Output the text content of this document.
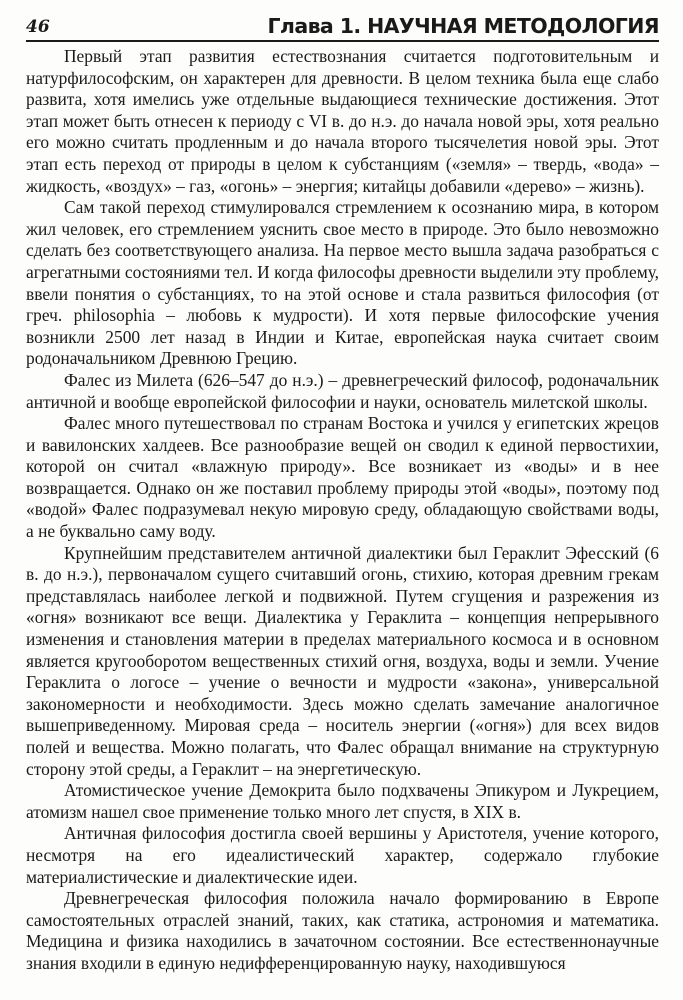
46	Глава 1. НАУЧНАЯ МЕТОДОЛОГИЯ

Первый этап развития естествознания считается подготовительным и натурфилософским, он характерен для древности. В целом техника была еще слабо развита, хотя имелись уже отдельные выдающиеся технические достижения. Этот этап может быть отнесен к периоду с VI в. до н.э. до начала новой эры, хотя реально его можно считать продленным и до начала второго тысячелетия новой эры. Этот этап есть переход от природы в целом к субстанциям («земля» – твердь, «вода» – жидкость, «воздух» – газ, «огонь» – энергия; китайцы добавили «дерево» – жизнь).

Сам такой переход стимулировался стремлением к осознанию мира, в котором жил человек, его стремлением уяснить свое место в природе. Это было невозможно сделать без соответствующего анализа. На первое место вышла задача разобраться с агрегатными состояниями тел. И когда философы древности выделили эту проблему, ввели понятия о субстанциях, то на этой основе и стала развиться философия (от греч. philosophia – любовь к мудрости). И хотя первые философские учения возникли 2500 лет назад в Индии и Китае, европейская наука считает своим родоначальником Древнюю Грецию.

Фалес из Милета (626–547 до н.э.) – древнегреческий философ, родоначальник античной и вообще европейской философии и науки, основатель милетской школы.

Фалес много путешествовал по странам Востока и учился у египетских жрецов и вавилонских халдеев. Все разнообразие вещей он сводил к единой первостихии, которой он считал «влажную природу». Все возникает из «воды» и в нее возвращается. Однако он же поставил проблему природы этой «воды», поэтому под «водой» Фалес подразумевал некую мировую среду, обладающую свойствами воды, а не буквально саму воду.

Крупнейшим представителем античной диалектики был Гераклит Эфесский (6 в. до н.э.), первоначалом сущего считавший огонь, стихию, которая древним грекам представлялась наиболее легкой и подвижной. Путем сгущения и разрежения из «огня» возникают все вещи. Диалектика у Гераклита – концепция непрерывного изменения и становления материи в пределах материального космоса и в основном является кругооборотом вещественных стихий огня, воздуха, воды и земли. Учение Гераклита о логосе – учение о вечности и мудрости «закона», универсальной закономерности и необходимости. Здесь можно сделать замечание аналогичное вышеприведенному. Мировая среда – носитель энергии («огня») для всех видов полей и вещества. Можно полагать, что Фалес обращал внимание на структурную сторону этой среды, а Гераклит – на энергетическую.

Атомистическое учение Демокрита было подхвачены Эпикуром и Лукрецием, атомизм нашел свое применение только много лет спустя, в XIX в.

Античная философия достигла своей вершины у Аристотеля, учение которого, несмотря на его идеалистический характер, содержало глубокие материалистические и диалектические идеи.

Древнегреческая философия положила начало формированию в Европе самостоятельных отраслей знаний, таких, как статика, астрономия и математика. Медицина и физика находились в зачаточном состоянии. Все естественнонаучные знания входили в единую недифференцированную науку, находившуюся
